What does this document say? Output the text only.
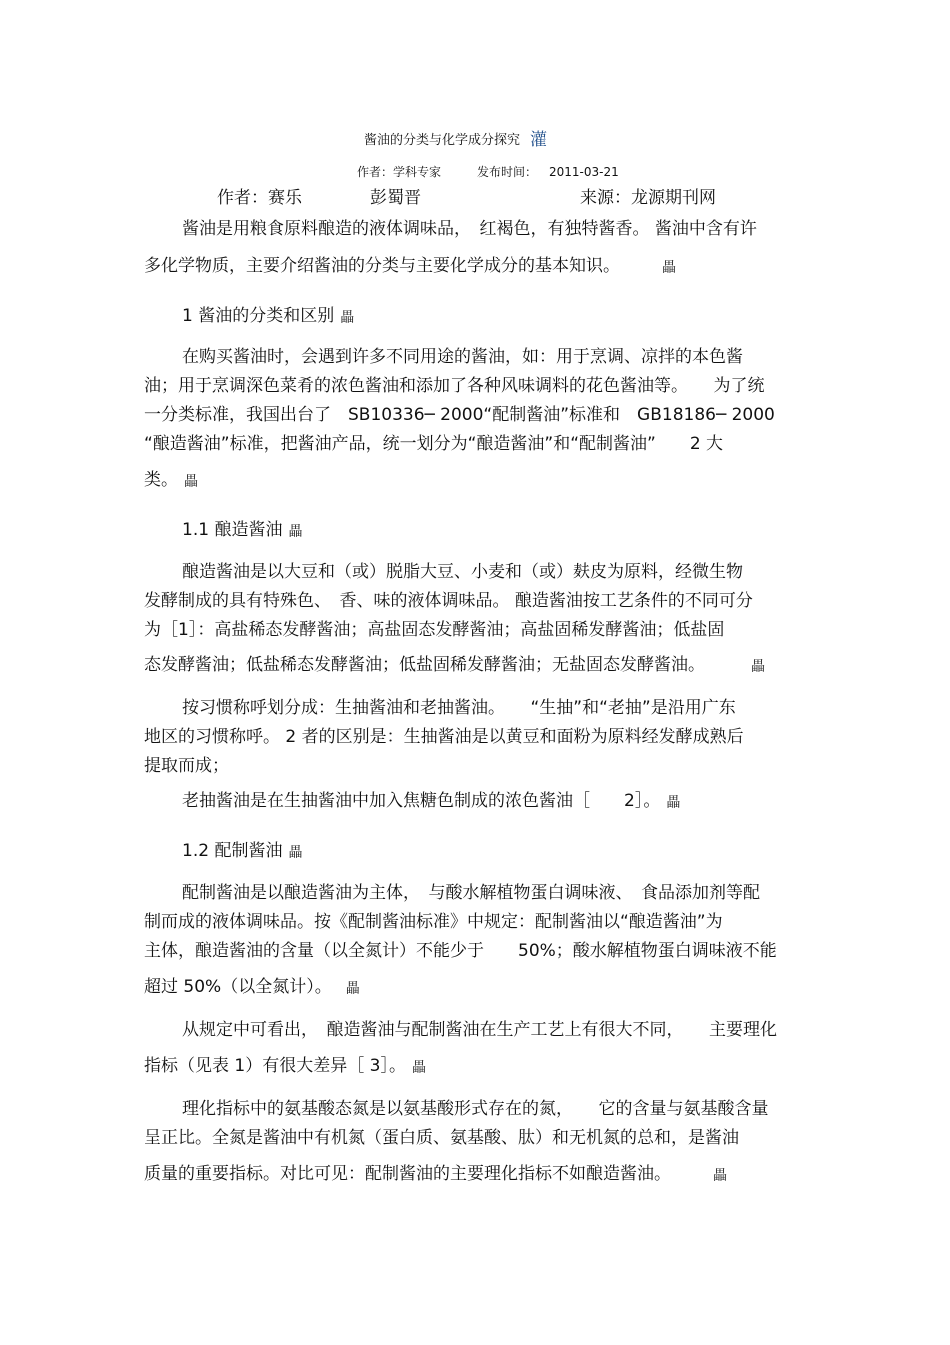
酱油的分类与化学成分探究 灌
作者：学科专家	发布时间： 2011-03-21
作者：赛乐	彭蜀晋	来源：龙源期刊网
酱油是用粮食原料酿造的液体调味品，　红褐色，有独特酱香。 酱油中含有许
多化学物质，主要介绍酱油的分类与主要化学成分的基本知识。	畾
1 酱油的分类和区别 畾
在购买酱油时，会遇到许多不同用途的酱油，如：用于烹调、凉拌的本色酱
油；用于烹调深色菜肴的浓色酱油和添加了各种风味调料的花色酱油等。　　为了统
一分类标准，我国出台了　SB10336─ 2000“配制酱油”标准和　GB18186─ 2000
“酿造酱油”标准，把酱油产品，统一划分为“酿造酱油”和“配制酱油”　　2 大
类。 畾
1.1 酿造酱油 畾
酿造酱油是以大豆和（或）脱脂大豆、小麦和（或）麸皮为原料，经微生物
发酵制成的具有特殊色、　香、味的液体调味品。 酿造酱油按工艺条件的不同可分
为［1］：高盐稀态发酵酱油；高盐固态发酵酱油；高盐固稀发酵酱油；低盐固
态发酵酱油；低盐稀态发酵酱油；低盐固稀发酵酱油；无盐固态发酵酱油。	畾
按习惯称呼划分成：生抽酱油和老抽酱油。　　“生抽”和“老抽”是沿用广东
地区的习惯称呼。 2 者的区别是：生抽酱油是以黄豆和面粉为原料经发酵成熟后
提取而成；
老抽酱油是在生抽酱油中加入焦糖色制成的浓色酱油［　　2］。 畾
1.2 配制酱油 畾
配制酱油是以酿造酱油为主体，　与酸水解植物蛋白调味液、　食品添加剂等配
制而成的液体调味品。按《配制酱油标准》中规定：配制酱油以“酿造酱油”为
主体，酿造酱油的含量（以全氮计）不能少于　　50%；酸水解植物蛋白调味液不能
超过 50%（以全氮计）。 畾
从规定中可看出，　酿造酱油与配制酱油在生产工艺上有很大不同，　　主要理化
指标（见表 1）有很大差异［ 3］。 畾
理化指标中的氨基酸态氮是以氨基酸形式存在的氮，　　它的含量与氨基酸含量
呈正比。全氮是酱油中有机氮（蛋白质、氨基酸、肽）和无机氮的总和，是酱油
质量的重要指标。对比可见：配制酱油的主要理化指标不如酿造酱油。	畾
